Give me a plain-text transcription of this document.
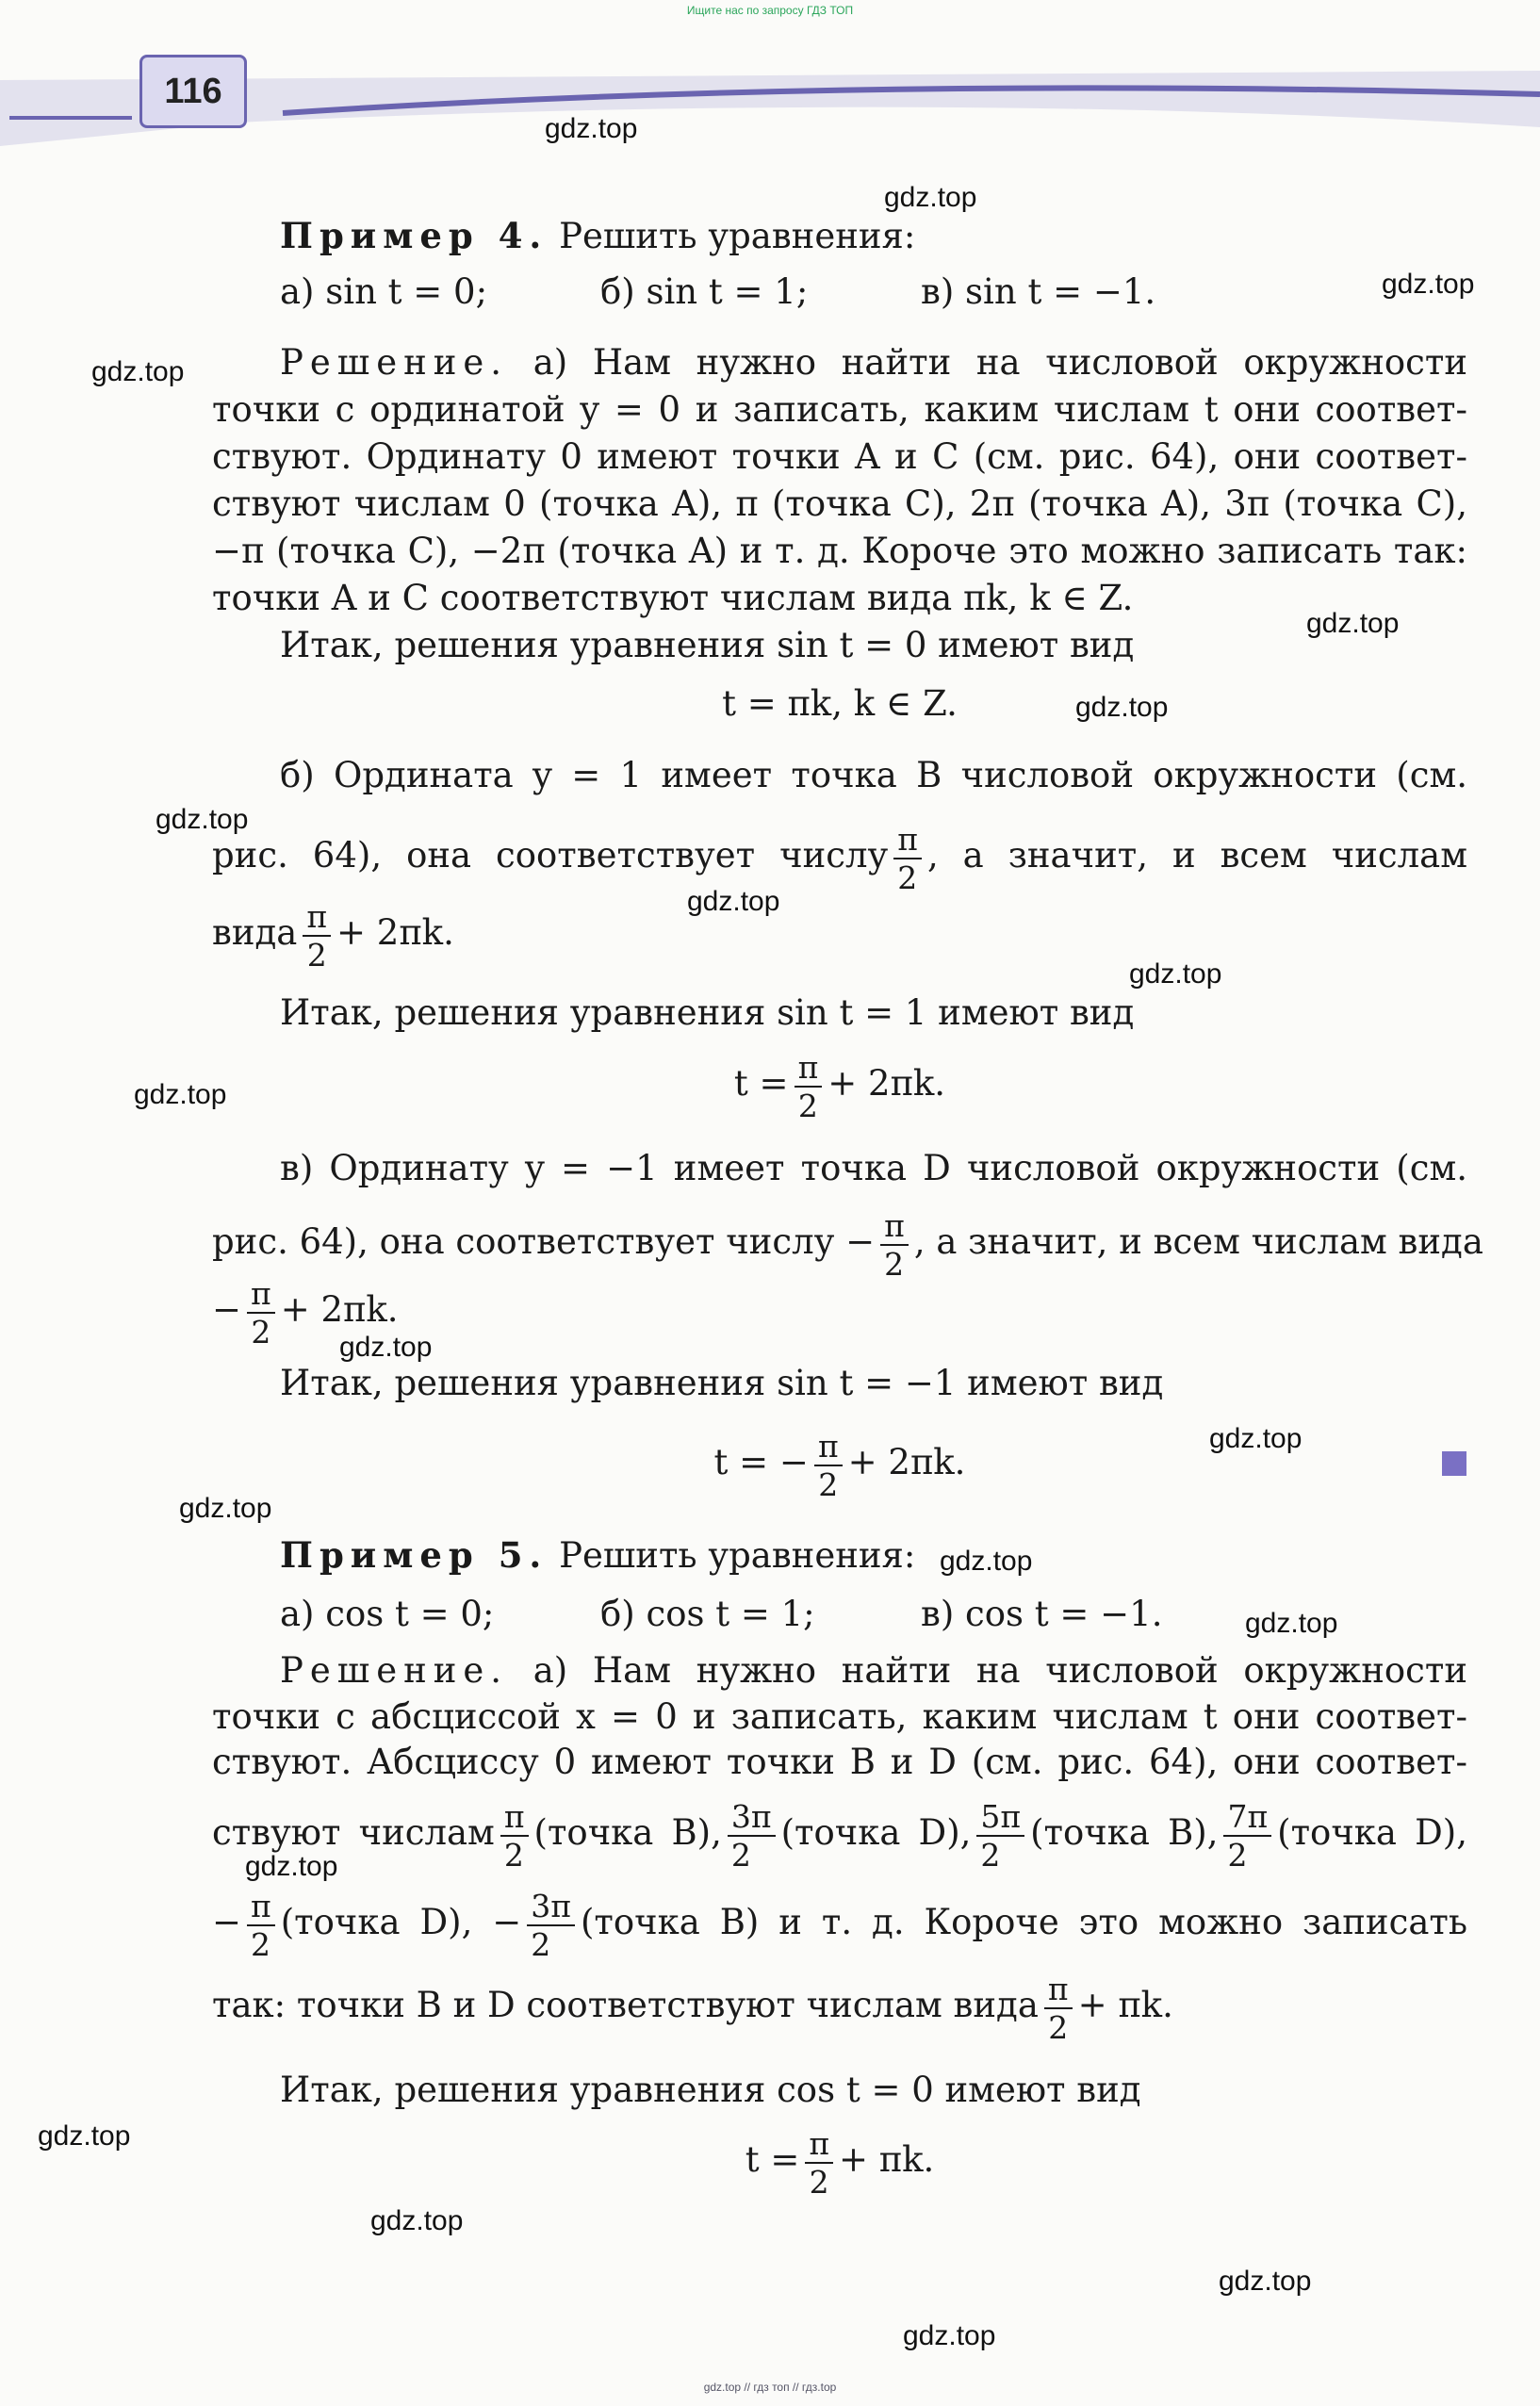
Ищите нас по запросу ГДЗ ТОП
116
gdz.top
gdz.top
gdz.top
gdz.top
gdz.top
gdz.top
gdz.top
gdz.top
gdz.top
gdz.top
gdz.top
gdz.top
gdz.top
gdz.top
gdz.top
gdz.top
gdz.top
gdz.top
gdz.top
gdz.top
Пример 4. Решить уравнения:
а) sin t = 0;	б) sin t = 1;	в) sin t = −1.
Решение. а) Нам нужно найти на числовой окружности
точки с ординатой y = 0 и записать, каким числам t они соответ-
ствуют. Ординату 0 имеют точки A и C (см. рис. 64), они соответ-
ствуют числам 0 (точка A), π (точка C), 2π (точка A), 3π (точка C),
−π (точка C), −2π (точка A) и т. д. Короче это можно записать так:
точки A и C соответствуют числам вида πk, k ∈ Z.
Итак, решения уравнения sin t = 0 имеют вид
t = πk, k ∈ Z.
б) Ордината y = 1 имеет точка B числовой окружности (см.
рис. 64), она соответствует числу $\frac{\pi}{2}$ , а значит, и всем числам
вида $\frac{\pi}{2} + 2\pi k$.
Итак, решения уравнения sin t = 1 имеют вид
$t = \frac{\pi}{2} + 2\pi k$.
в) Ординату y = −1 имеет точка D числовой окружности (см.
рис. 64), она соответствует числу − $\frac{\pi}{2}$ , а значит, и всем числам вида
− $\frac{\pi}{2} + 2\pi k$.
Итак, решения уравнения sin t = −1 имеют вид
t = − $\frac{\pi}{2} + 2\pi k$.
Пример 5. Решить уравнения:
а) cos t = 0;	б) cos t = 1;	в) cos t = −1.
Решение. а) Нам нужно найти на числовой окружности
точки с абсциссой x = 0 и записать, каким числам t они соответ-
ствуют. Абсциссу 0 имеют точки B и D (см. рис. 64), они соответ-
ствуют числам $\frac{\pi}{2}$ (точка B), $\frac{3\pi}{2}$ (точка D), $\frac{5\pi}{2}$ (точка B), $\frac{7\pi}{2}$ (точка D),
− $\frac{\pi}{2}$ (точка D), − $\frac{3\pi}{2}$ (точка B) и т. д. Короче это можно записать
так: точки B и D соответствуют числам вида $\frac{\pi}{2} + \pi k$.
Итак, решения уравнения cos t = 0 имеют вид
$t = \frac{\pi}{2} + \pi k$.
gdz.top // гдз топ // гдз.top
